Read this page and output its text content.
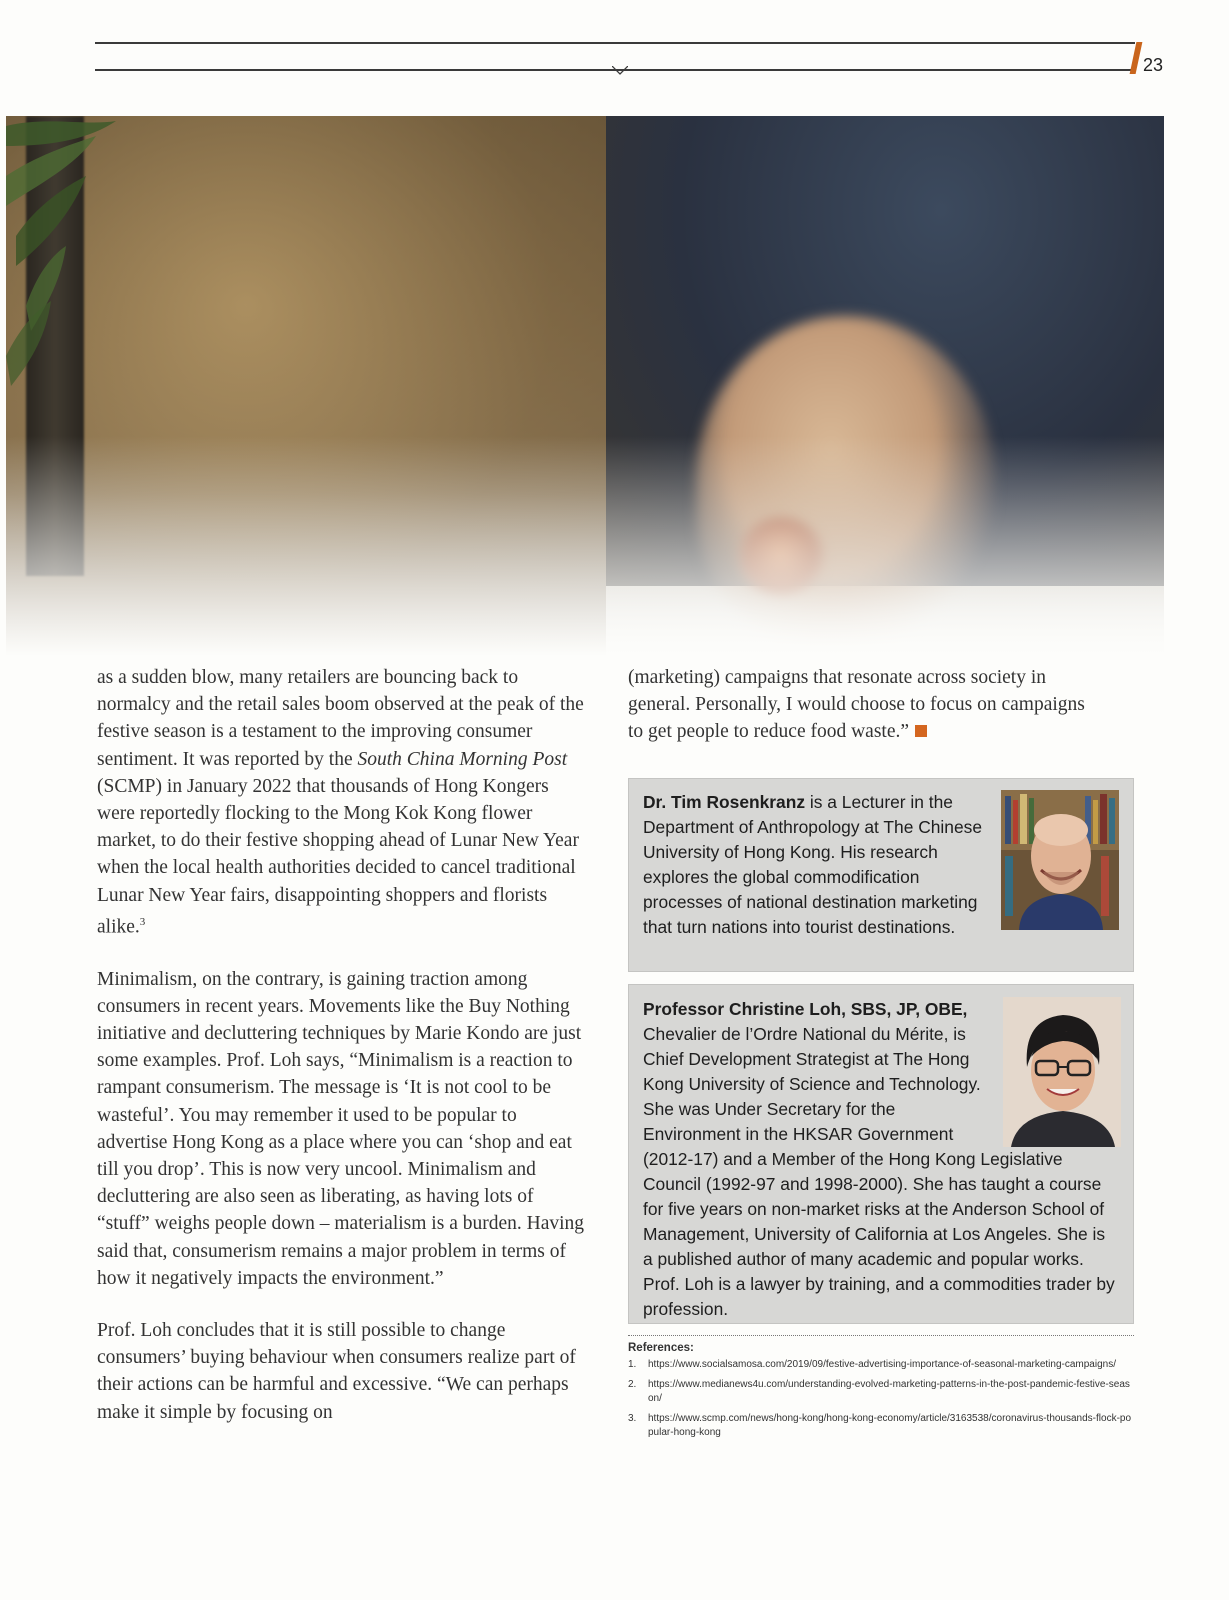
23

as a sudden blow, many retailers are bouncing back to normalcy and the retail sales boom observed at the peak of the festive season is a testament to the improving consumer sentiment. It was reported by the South China Morning Post (SCMP) in January 2022 that thousands of Hong Kongers were reportedly flocking to the Mong Kok Kong flower market, to do their festive shopping ahead of Lunar New Year when the local health authorities decided to cancel traditional Lunar New Year fairs, disappointing shoppers and florists alike.$^3$

Minimalism, on the contrary, is gaining traction among consumers in recent years. Movements like the Buy Nothing initiative and decluttering techniques by Marie Kondo are just some examples. Prof. Loh says, “Minimalism is a reaction to rampant consumerism. The message is ‘It is not cool to be wasteful’. You may remember it used to be popular to advertise Hong Kong as a place where you can ‘shop and eat till you drop’. This is now very uncool. Minimalism and decluttering are also seen as liberating, as having lots of “stuff” weighs people down – materialism is a burden. Having said that, consumerism remains a major problem in terms of how it negatively impacts the environment.”

Prof. Loh concludes that it is still possible to change consumers’ buying behaviour when consumers realize part of their actions can be harmful and excessive. “We can perhaps make it simple by focusing on

(marketing) campaigns that resonate across society in general. Personally, I would choose to focus on campaigns to get people to reduce food waste.”

Dr. Tim Rosenkranz is a Lecturer in the Department of Anthropology at The Chinese University of Hong Kong. His research explores the global commodification processes of national destination marketing that turn nations into tourist destinations.
Professor Christine Loh, SBS, JP, OBE, Chevalier de l’Ordre National du Mérite, is Chief Development Strategist at The Hong Kong University of Science and Technology. She was Under Secretary for the Environment in the HKSAR Government (2012-17) and a Member of the Hong Kong Legislative Council (1992-97 and 1998-2000). She has taught a course for five years on non-market risks at the Anderson School of Management, University of California at Los Angeles. She is a published author of many academic and popular works. Prof. Loh is a lawyer by training, and a commodities trader by profession.
References:
1.	https://www.socialsamosa.com/2019/09/festive-advertising-importance-of-seasonal-marketing-campaigns/
2.	https://www.medianews4u.com/understanding-evolved-marketing-patterns-in-the-post-pandemic-festive-season/
3.	https://www.scmp.com/news/hong-kong/hong-kong-economy/article/3163538/coronavirus-thousands-flock-popular-hong-kong
